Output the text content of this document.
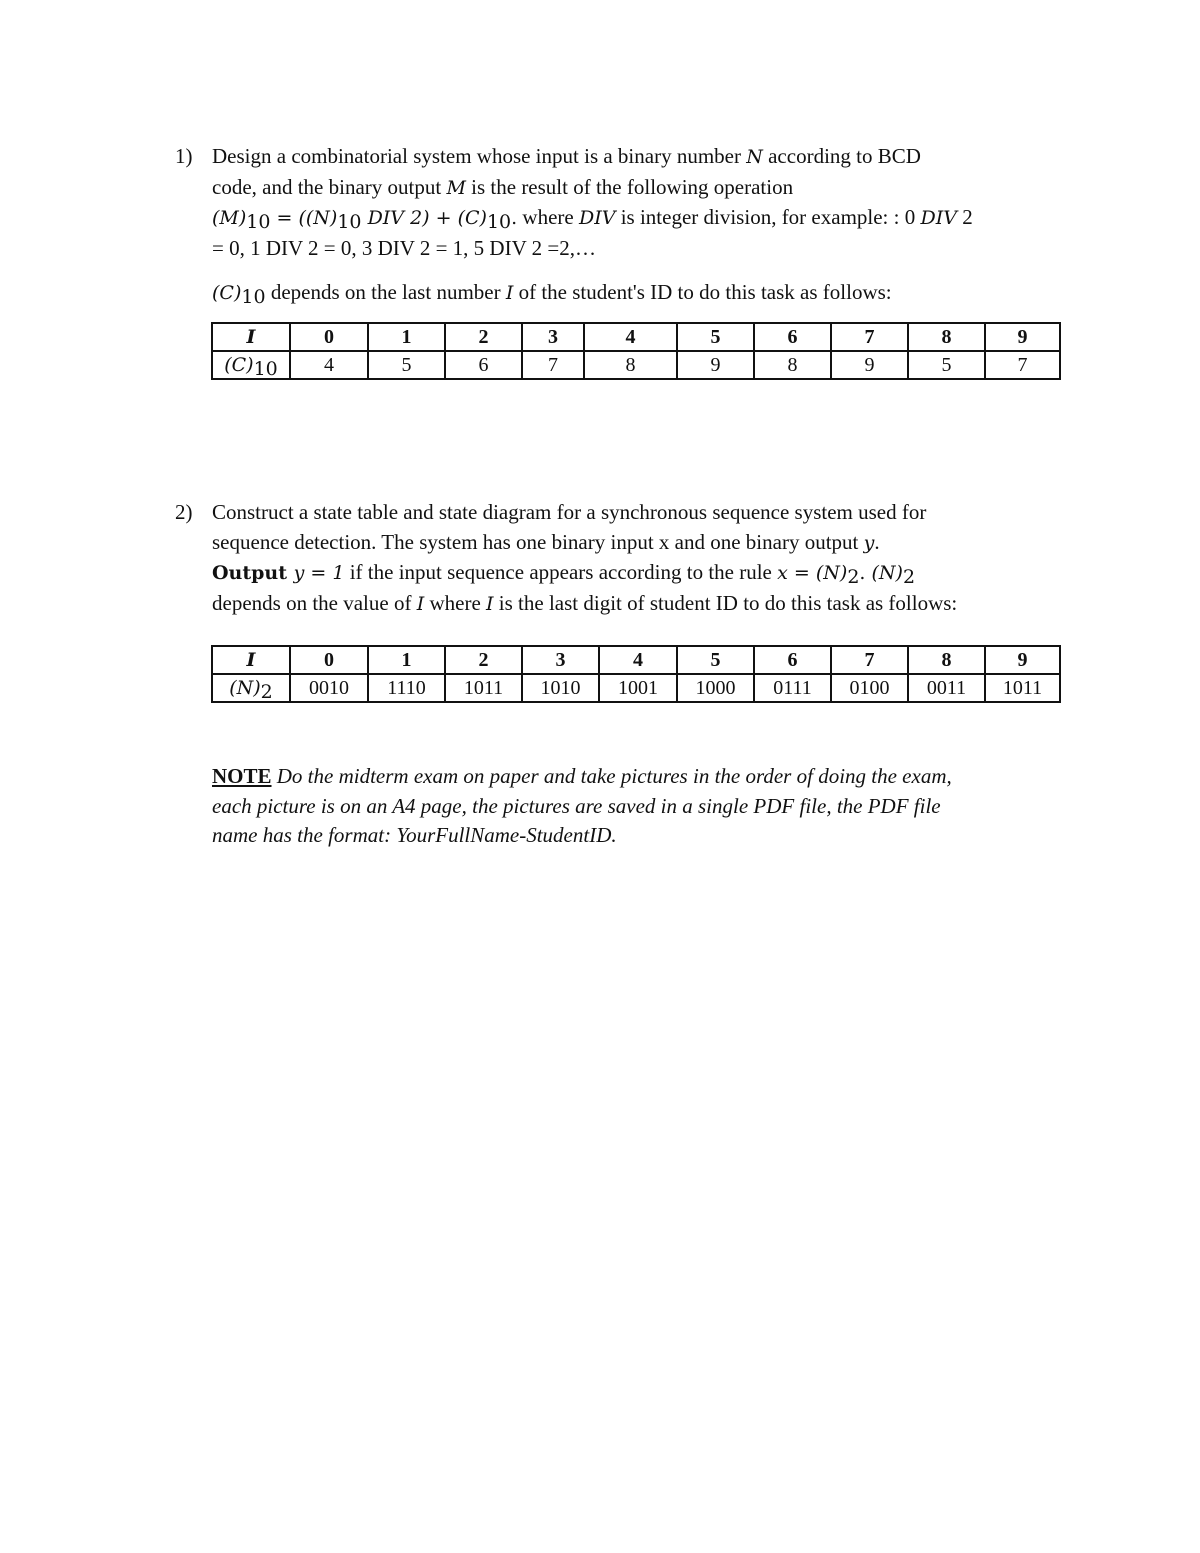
1) Design a combinatorial system whose input is a binary number N according to BCD
code, and the binary output M is the result of the following operation
$(M)_{10} = ((N)_{10}$ DIV $2) + (C)_{10}$. where DIV is integer division, for example: : 0 DIV 2
= 0, 1 DIV 2 = 0, 3 DIV 2 = 1, 5 DIV 2 =2,…
$(C)_{10}$ depends on the last number I of the student's ID to do this task as follows:
I	0	1	2	3	4	5	6	7	8	9
$(C)_{10}$	4	5	6	7	8	9	8	9	5	7
2) Construct a state table and state diagram for a synchronous sequence system used for
sequence detection. The system has one binary input x and one binary output y.
Output y = 1 if the input sequence appears according to the rule $x = (N)_2$. $(N)_2$
depends on the value of I where I is the last digit of student ID to do this task as follows:
I	0	1	2	3	4	5	6	7	8	9
$(N)_2$	0010	1110	1011	1010	1001	1000	0111	0100	0011	1011
NOTE Do the midterm exam on paper and take pictures in the order of doing the exam,
each picture is on an A4 page, the pictures are saved in a single PDF file, the PDF file
name has the format: YourFullName-StudentID.
